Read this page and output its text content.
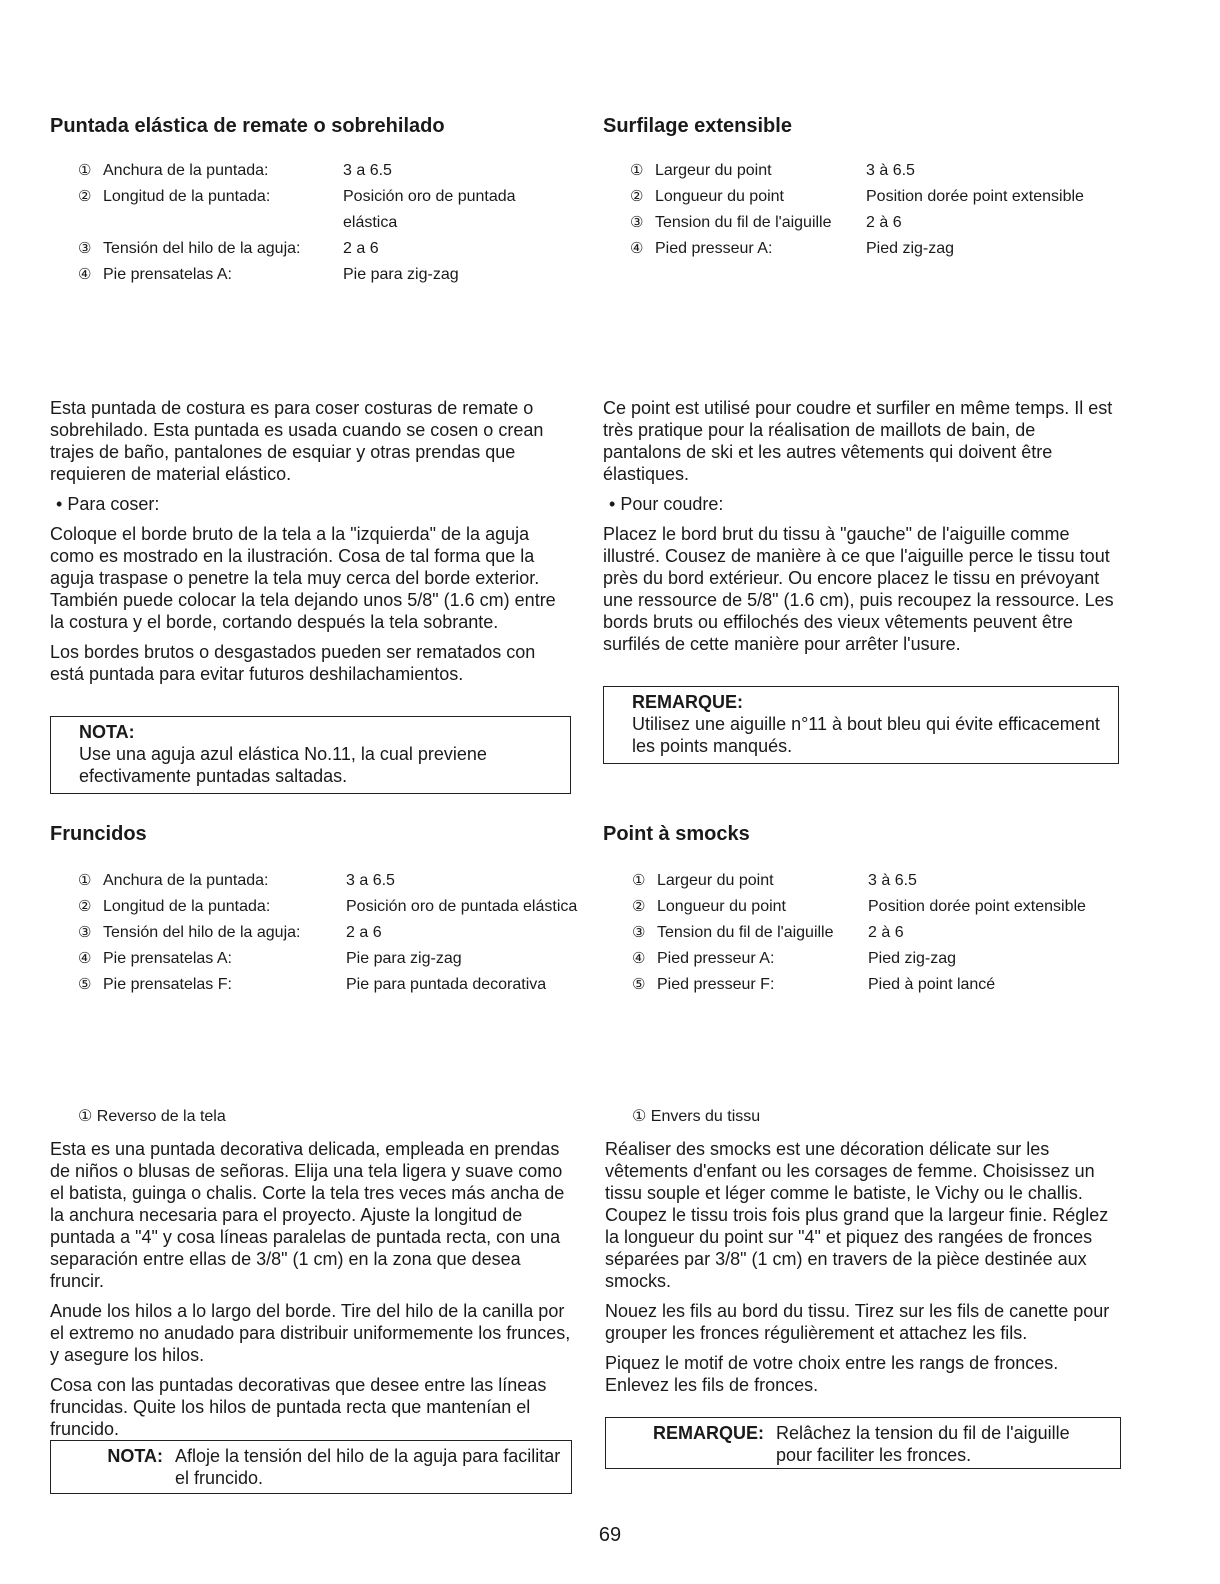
Puntada elástica de remate o sobrehilado
① Anchura de la puntada:	3 a 6.5
② Longitud de la puntada:	Posición oro de puntada elástica
③ Tensión del hilo de la aguja:	2 a 6
④ Pie prensatelas A:	Pie para zig-zag

Esta puntada de costura es para coser costuras de remate o sobrehilado. Esta puntada es usada cuando se cosen o crean trajes de baño, pantalones de esquiar y otras prendas que requieren de material elástico.

• Para coser:

Coloque el borde bruto de la tela a la "izquierda" de la aguja como es mostrado en la ilustración. Cosa de tal forma que la aguja traspase o penetre la tela muy cerca del borde exterior. También puede colocar la tela dejando unos 5/8" (1.6 cm) entre la costura y el borde, cortando después la tela sobrante.

Los bordes brutos o desgastados pueden ser rematados con está puntada para evitar futuros deshilachamientos.

NOTA:
Use una aguja azul elástica No.11, la cual previene efectivamente puntadas saltadas.
Fruncidos
① Anchura de la puntada:	3 a 6.5
② Longitud de la puntada:	Posición oro de puntada elástica
③ Tensión del hilo de la aguja:	2 a 6
④ Pie prensatelas A:	Pie para zig-zag
⑤ Pie prensatelas F:	Pie para puntada decorativa
① Reverso de la tela

Esta es una puntada decorativa delicada, empleada en prendas de niños o blusas de señoras. Elija una tela ligera y suave como el batista, guinga o chalis. Corte la tela tres veces más ancha de la anchura necesaria para el proyecto. Ajuste la longitud de puntada a "4" y cosa líneas paralelas de puntada recta, con una separación entre ellas de 3/8" (1 cm) en la zona que desea fruncir.

Anude los hilos a lo largo del borde. Tire del hilo de la canilla por el extremo no anudado para distribuir uniformemente los frunces, y asegure los hilos.

Cosa con las puntadas decorativas que desee entre las líneas fruncidas. Quite los hilos de puntada recta que mantenían el fruncido.

NOTA: Afloje la tensión del hilo de la aguja para facilitar el fruncido.
Surfilage extensible
① Largeur du point	3 à 6.5
② Longueur du point	Position dorée point extensible
③ Tension du fil de l'aiguille	2 à 6
④ Pied presseur A:	Pied zig-zag

Ce point est utilisé pour coudre et surfiler en même temps. Il est très pratique pour la réalisation de maillots de bain, de pantalons de ski et les autres vêtements qui doivent être élastiques.

• Pour coudre:

Placez le bord brut du tissu à "gauche" de l'aiguille comme illustré. Cousez de manière à ce que l'aiguille perce le tissu tout près du bord extérieur. Ou encore placez le tissu en prévoyant une ressource de 5/8" (1.6 cm), puis recoupez la ressource. Les bords bruts ou effilochés des vieux vêtements peuvent être surfilés de cette manière pour arrêter l'usure.

REMARQUE:
Utilisez une aiguille n°11 à bout bleu qui évite efficacement les points manqués.
Point à smocks
① Largeur du point	3 à 6.5
② Longueur du point	Position dorée point extensible
③ Tension du fil de l'aiguille	2 à 6
④ Pied presseur A:	Pied zig-zag
⑤ Pied presseur F:	Pied à point lancé
① Envers du tissu

Réaliser des smocks est une décoration délicate sur les vêtements d'enfant ou les corsages de femme. Choisissez un tissu souple et léger comme le batiste, le Vichy ou le challis. Coupez le tissu trois fois plus grand que la largeur finie. Réglez la longueur du point sur "4" et piquez des rangées de fronces séparées par 3/8" (1 cm) en travers de la pièce destinée aux smocks.

Nouez les fils au bord du tissu. Tirez sur les fils de canette pour grouper les fronces régulièrement et attachez les fils.

Piquez le motif de votre choix entre les rangs de fronces. Enlevez les fils de fronces.

REMARQUE: Relâchez la tension du fil de l'aiguille pour faciliter les fronces.
69
